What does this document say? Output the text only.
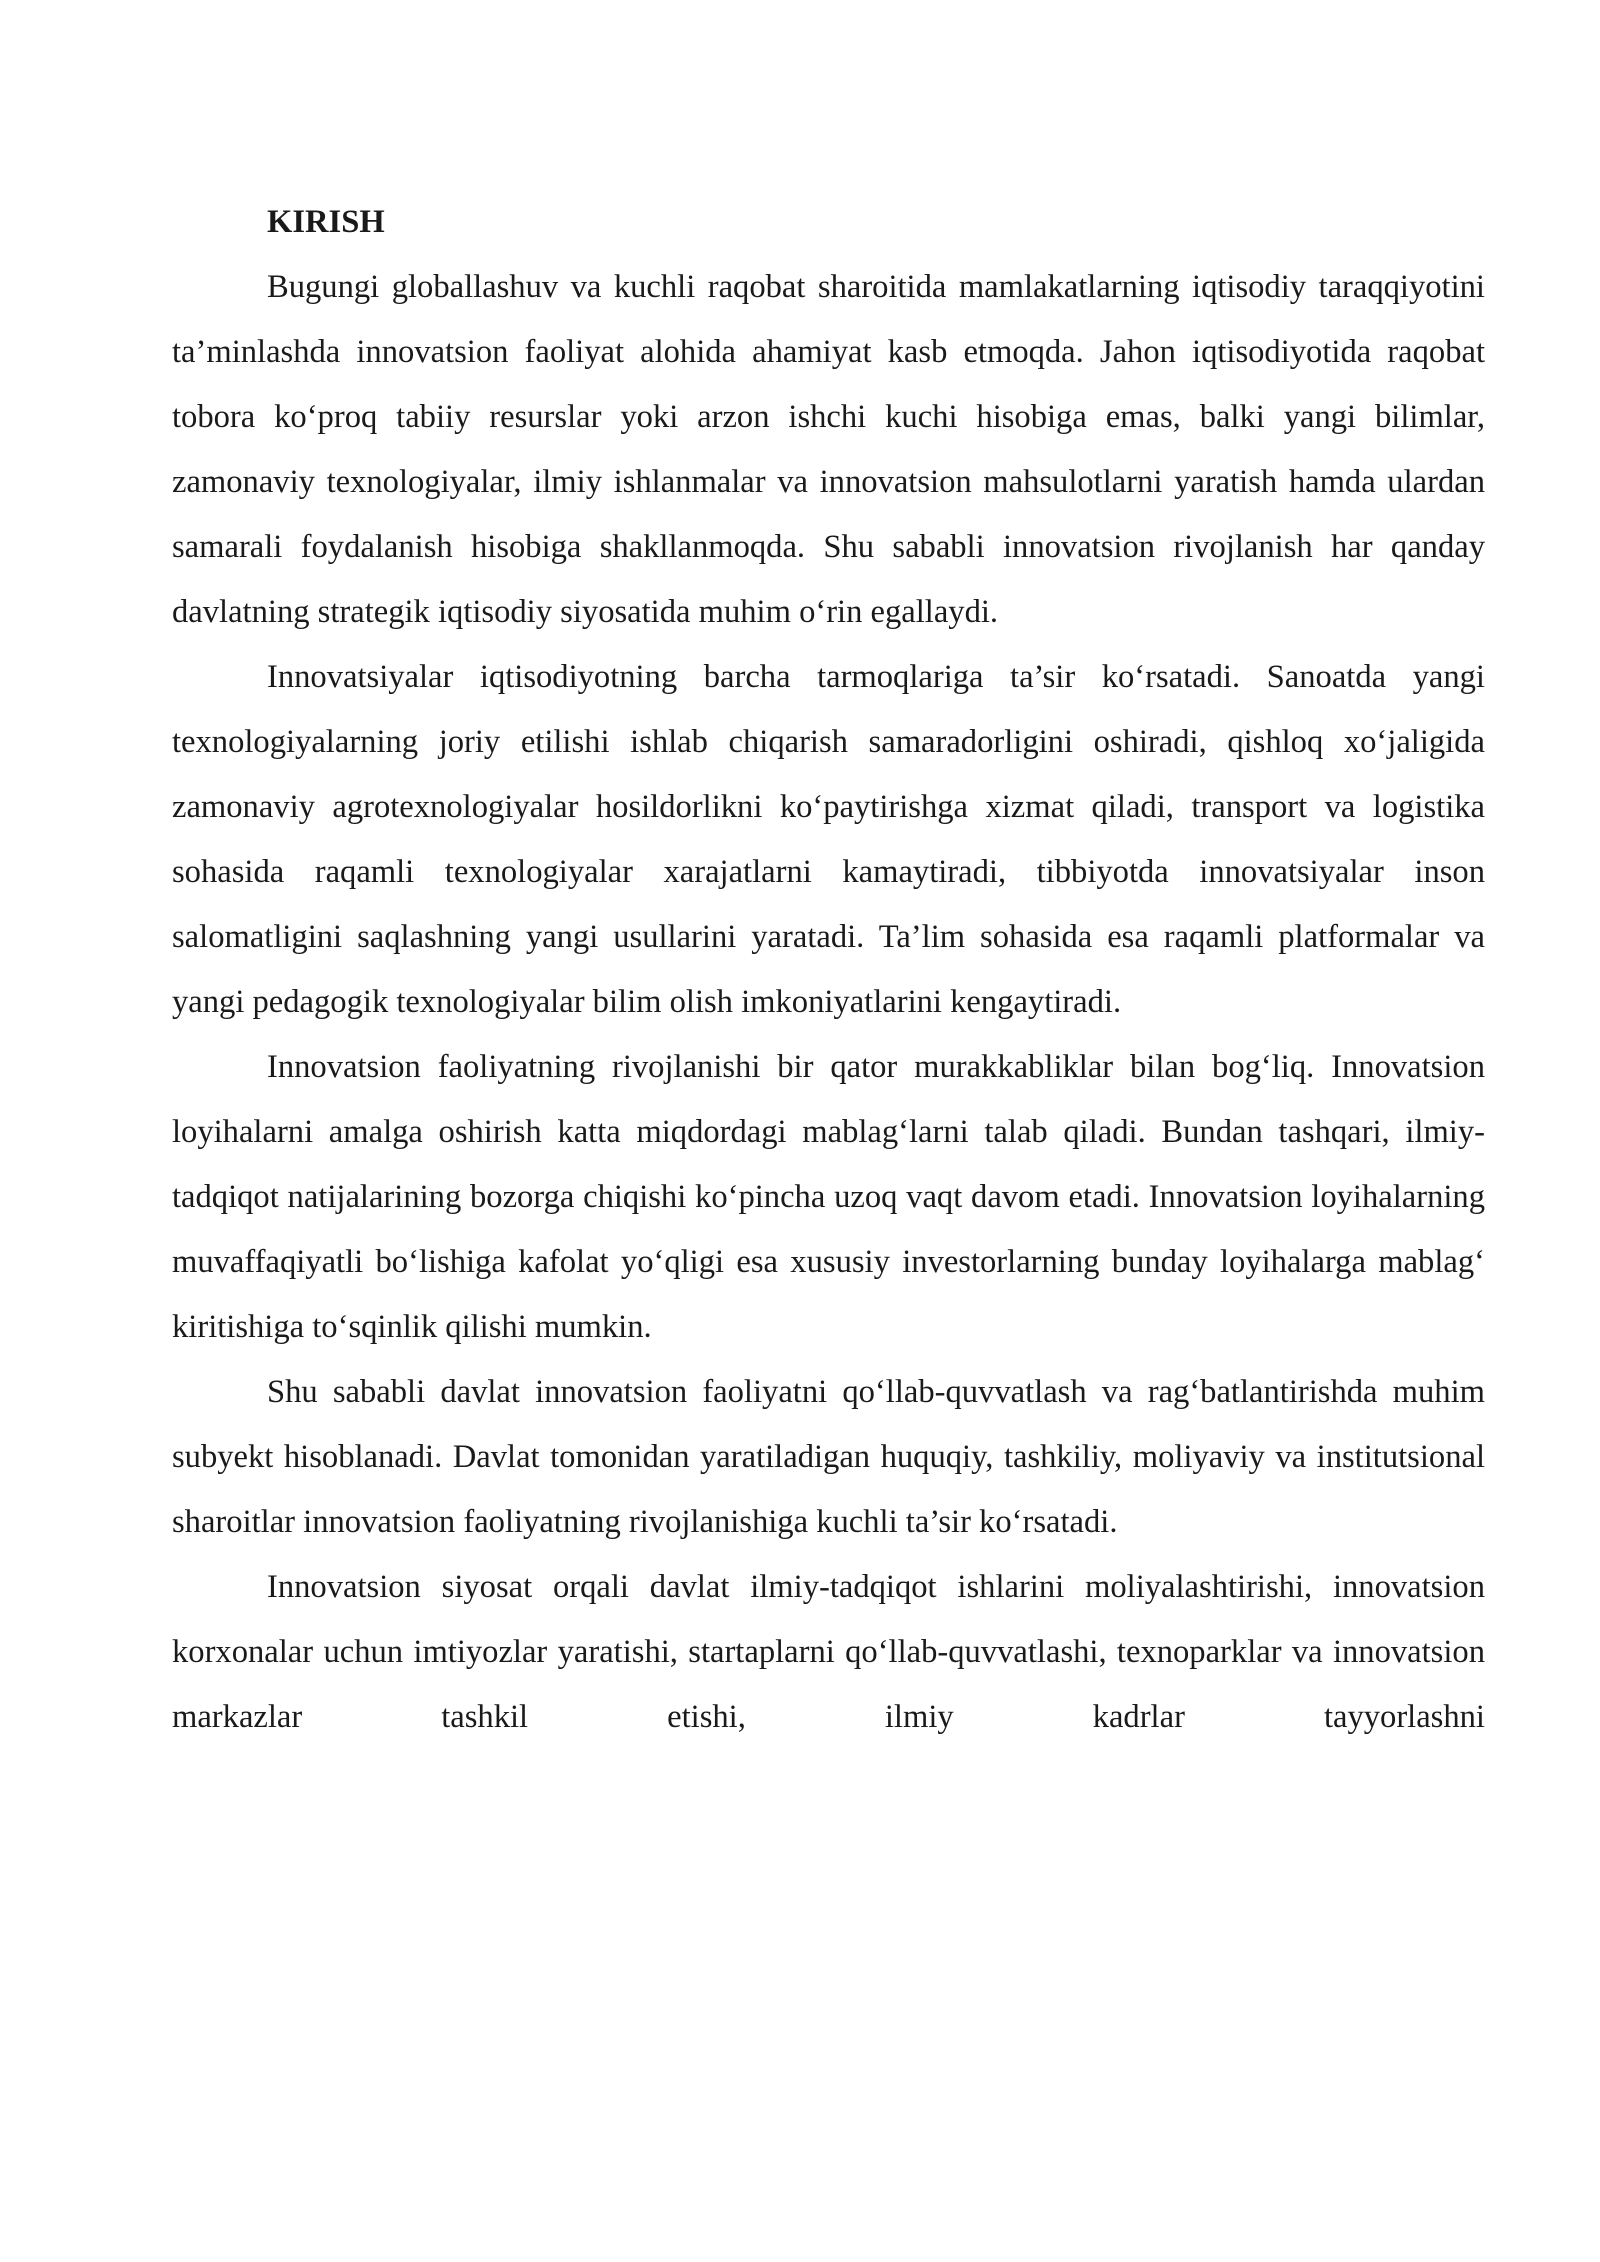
KIRISH

Bugungi globallashuv va kuchli raqobat sharoitida mamlakatlarning iqtisodiy taraqqiyotini ta’minlashda innovatsion faoliyat alohida ahamiyat kasb etmoqda. Jahon iqtisodiyotida raqobat tobora ko‘proq tabiiy resurslar yoki arzon ishchi kuchi hisobiga emas, balki yangi bilimlar, zamonaviy texnologiyalar, ilmiy ishlanmalar va innovatsion mahsulotlarni yaratish hamda ulardan samarali foydalanish hisobiga shakllanmoqda. Shu sababli innovatsion rivojlanish har qanday davlatning strategik iqtisodiy siyosatida muhim o‘rin egallaydi.

Innovatsiyalar iqtisodiyotning barcha tarmoqlariga ta’sir ko‘rsatadi. Sanoatda yangi texnologiyalarning joriy etilishi ishlab chiqarish samaradorligini oshiradi, qishloq xo‘jaligida zamonaviy agrotexnologiyalar hosildorlikni ko‘paytirishga xizmat qiladi, transport va logistika sohasida raqamli texnologiyalar xarajatlarni kamaytiradi, tibbiyotda innovatsiyalar inson salomatligini saqlashning yangi usullarini yaratadi. Ta’lim sohasida esa raqamli platformalar va yangi pedagogik texnologiyalar bilim olish imkoniyatlarini kengaytiradi.

Innovatsion faoliyatning rivojlanishi bir qator murakkabliklar bilan bog‘liq. Innovatsion loyihalarni amalga oshirish katta miqdordagi mablag‘larni talab qiladi. Bundan tashqari, ilmiy-tadqiqot natijalarining bozorga chiqishi ko‘pincha uzoq vaqt davom etadi. Innovatsion loyihalarning muvaffaqiyatli bo‘lishiga kafolat yo‘qligi esa xususiy investorlarning bunday loyihalarga mablag‘ kiritishiga to‘sqinlik qilishi mumkin.

Shu sababli davlat innovatsion faoliyatni qo‘llab-quvvatlash va rag‘batlantirishda muhim subyekt hisoblanadi. Davlat tomonidan yaratiladigan huquqiy, tashkiliy, moliyaviy va institutsional sharoitlar innovatsion faoliyatning rivojlanishiga kuchli ta’sir ko‘rsatadi.

Innovatsion siyosat orqali davlat ilmiy-tadqiqot ishlarini moliyalashtirishi, innovatsion korxonalar uchun imtiyozlar yaratishi, startaplarni qo‘llab-quvvatlashi, texnoparklar va innovatsion markazlar tashkil etishi, ilmiy kadrlar tayyorlashni
